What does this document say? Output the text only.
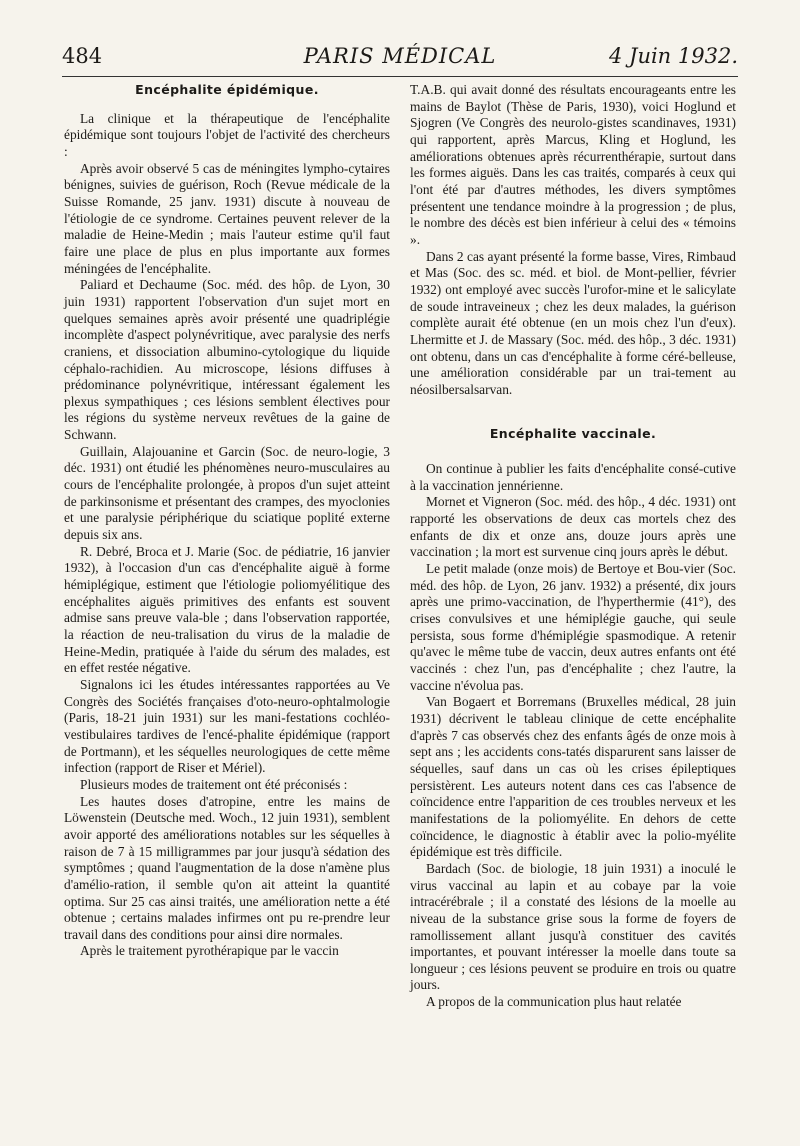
484	PARIS MÉDICAL	4 Juin 1932.
Encéphalite épidémique.

La clinique et la thérapeutique de l'encéphalite épidémique sont toujours l'objet de l'activité des chercheurs :

Après avoir observé 5 cas de méningites lympho-cytaires bénignes, suivies de guérison, Roch (Revue médicale de la Suisse Romande, 25 janv. 1931) discute à nouveau de l'étiologie de ce syndrome. Certaines peuvent relever de la maladie de Heine-Medin ; mais l'auteur estime qu'il faut faire une place de plus en plus importante aux formes méningées de l'encéphalite.

Paliard et Dechaume (Soc. méd. des hôp. de Lyon, 30 juin 1931) rapportent l'observation d'un sujet mort en quelques semaines après avoir présenté une quadriplégie incomplète d'aspect polynévritique, avec paralysie des nerfs craniens, et dissociation albumino-cytologique du liquide céphalo-rachidien. Au microscope, lésions diffuses à prédominance polynévritique, intéressant également les plexus sympathiques ; ces lésions semblent électives pour les régions du système nerveux revêtues de la gaine de Schwann.

Guillain, Alajouanine et Garcin (Soc. de neuro-logie, 3 déc. 1931) ont étudié les phénomènes neuro-musculaires au cours de l'encéphalite prolongée, à propos d'un sujet atteint de parkinsonisme et présentant des crampes, des myoclonies et une paralysie périphérique du sciatique poplité externe depuis six ans.

R. Debré, Broca et J. Marie (Soc. de pédiatrie, 16 janvier 1932), à l'occasion d'un cas d'encéphalite aiguë à forme hémiplégique, estiment que l'étiologie poliomyélitique des encéphalites aiguës primitives des enfants est souvent admise sans preuve vala-ble ; dans l'observation rapportée, la réaction de neu-tralisation du virus de la maladie de Heine-Medin, pratiquée à l'aide du sérum des malades, est en effet restée négative.

Signalons ici les études intéressantes rapportées au Ve Congrès des Sociétés françaises d'oto-neuro-ophtalmologie (Paris, 18-21 juin 1931) sur les mani-festations cochléo-vestibulaires tardives de l'encé-phalite épidémique (rapport de Portmann), et les séquelles neurologiques de cette même infection (rapport de Riser et Mériel).

Plusieurs modes de traitement ont été préconisés :

Les hautes doses d'atropine, entre les mains de Löwenstein (Deutsche med. Woch., 12 juin 1931), semblent avoir apporté des améliorations notables sur les séquelles à raison de 7 à 15 milligrammes par jour jusqu'à sédation des symptômes ; quand l'augmentation de la dose n'amène plus d'amélio-ration, il semble qu'on ait atteint la quantité optima. Sur 25 cas ainsi traités, une amélioration nette a été obtenue ; certains malades infirmes ont pu re-prendre leur travail dans des conditions pour ainsi dire normales.

Après le traitement pyrothérapique par le vaccin

T.A.B. qui avait donné des résultats encourageants entre les mains de Baylot (Thèse de Paris, 1930), voici Hoglund et Sjogren (Ve Congrès des neurolo-gistes scandinaves, 1931) qui rapportent, après Marcus, Kling et Hoglund, les améliorations obtenues après récurrenthérapie, surtout dans les formes aiguës. Dans les cas traités, comparés à ceux qui l'ont été par d'autres méthodes, les divers symptômes présentent une tendance moindre à la progression ; de plus, le nombre des décès est bien inférieur à celui des « témoins ».

Dans 2 cas ayant présenté la forme basse, Vires, Rimbaud et Mas (Soc. des sc. méd. et biol. de Mont-pellier, février 1932) ont employé avec succès l'urofor-mine et le salicylate de soude intraveineux ; chez les deux malades, la guérison complète aurait été obtenue (en un mois chez l'un d'eux). Lhermitte et J. de Massary (Soc. méd. des hôp., 3 déc. 1931) ont obtenu, dans un cas d'encéphalite à forme céré-belleuse, une amélioration considérable par un trai-tement au néosilbersalsarvan.

Encéphalite vaccinale.

On continue à publier les faits d'encéphalite consé-cutive à la vaccination jennérienne.

Mornet et Vigneron (Soc. méd. des hôp., 4 déc. 1931) ont rapporté les observations de deux cas mortels chez des enfants de dix et onze ans, douze jours après une vaccination ; la mort est survenue cinq jours après le début.

Le petit malade (onze mois) de Bertoye et Bou-vier (Soc. méd. des hôp. de Lyon, 26 janv. 1932) a présenté, dix jours après une primo-vaccination, de l'hyperthermie (41°), des crises convulsives et une hémiplégie gauche, qui seule persista, sous forme d'hémiplégie spasmodique. A retenir qu'avec le même tube de vaccin, deux autres enfants ont été vaccinés : chez l'un, pas d'encéphalite ; chez l'autre, la vaccine n'évolua pas.

Van Bogaert et Borremans (Bruxelles médical, 28 juin 1931) décrivent le tableau clinique de cette encéphalite d'après 7 cas observés chez des enfants âgés de onze mois à sept ans ; les accidents cons-tatés disparurent sans laisser de séquelles, sauf dans un cas où les crises épileptiques persistèrent. Les auteurs notent dans ces cas l'absence de coïncidence entre l'apparition de ces troubles nerveux et les manifestations de la poliomyélite. En dehors de cette coïncidence, le diagnostic à établir avec la polio-myélite épidémique est très difficile.

Bardach (Soc. de biologie, 18 juin 1931) a inoculé le virus vaccinal au lapin et au cobaye par la voie intracérébrale ; il a constaté des lésions de la moelle au niveau de la substance grise sous la forme de foyers de ramollissement allant jusqu'à constituer des cavités importantes, et pouvant intéresser la moelle dans toute sa longueur ; ces lésions peuvent se produire en trois ou quatre jours.

A propos de la communication plus haut relatée
